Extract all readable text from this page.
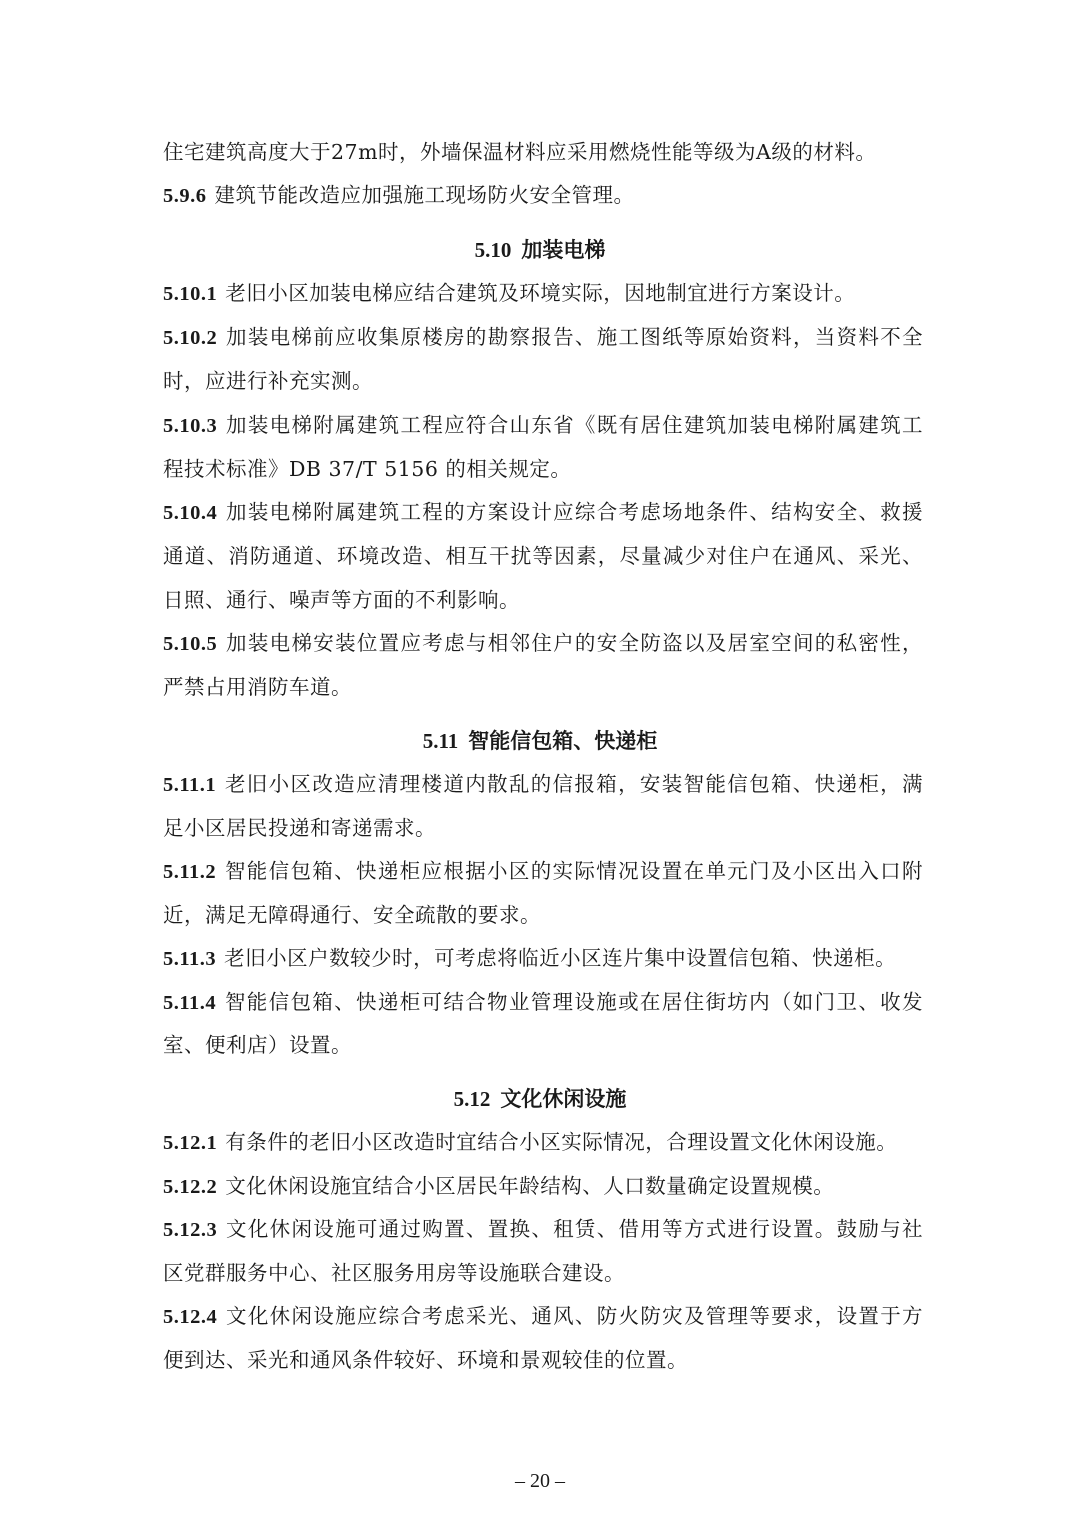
住宅建筑高度大于27m时，外墙保温材料应采用燃烧性能等级为A级的材料。
5.9.6 建筑节能改造应加强施工现场防火安全管理。
5.10 加装电梯
5.10.1 老旧小区加装电梯应结合建筑及环境实际，因地制宜进行方案设计。
5.10.2 加装电梯前应收集原楼房的勘察报告、施工图纸等原始资料，当资料不全
时，应进行补充实测。
5.10.3 加装电梯附属建筑工程应符合山东省《既有居住建筑加装电梯附属建筑工
程技术标准》DB 37/T 5156 的相关规定。
5.10.4 加装电梯附属建筑工程的方案设计应综合考虑场地条件、结构安全、救援
通道、消防通道、环境改造、相互干扰等因素，尽量减少对住户在通风、采光、
日照、通行、噪声等方面的不利影响。
5.10.5 加装电梯安装位置应考虑与相邻住户的安全防盗以及居室空间的私密性，
严禁占用消防车道。
5.11 智能信包箱、快递柜
5.11.1 老旧小区改造应清理楼道内散乱的信报箱，安装智能信包箱、快递柜，满
足小区居民投递和寄递需求。
5.11.2 智能信包箱、快递柜应根据小区的实际情况设置在单元门及小区出入口附
近，满足无障碍通行、安全疏散的要求。
5.11.3 老旧小区户数较少时，可考虑将临近小区连片集中设置信包箱、快递柜。
5.11.4 智能信包箱、快递柜可结合物业管理设施或在居住街坊内（如门卫、收发
室、便利店）设置。
5.12 文化休闲设施
5.12.1 有条件的老旧小区改造时宜结合小区实际情况，合理设置文化休闲设施。
5.12.2 文化休闲设施宜结合小区居民年龄结构、人口数量确定设置规模。
5.12.3 文化休闲设施可通过购置、置换、租赁、借用等方式进行设置。鼓励与社
区党群服务中心、社区服务用房等设施联合建设。
5.12.4 文化休闲设施应综合考虑采光、通风、防火防灾及管理等要求，设置于方
便到达、采光和通风条件较好、环境和景观较佳的位置。
– 20 –
